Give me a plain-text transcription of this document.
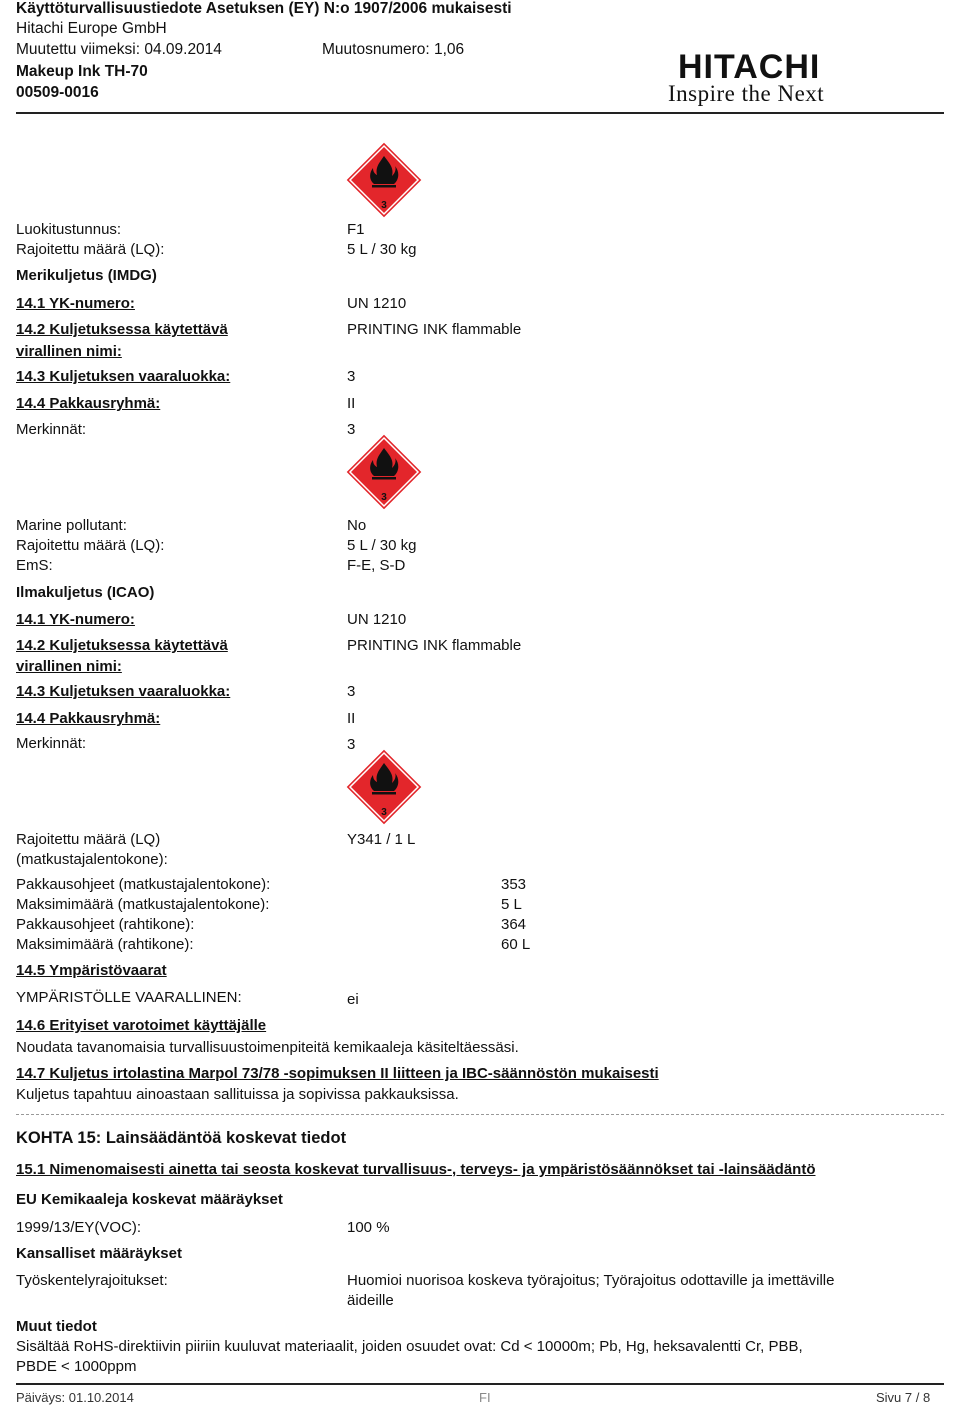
Käyttöturvallisuustiedote Asetuksen (EY) N:o 1907/2006 mukaisesti
Hitachi Europe GmbH
Muutettu viimeksi: 04.09.2014	Muutosnumero: 1,06
Makeup Ink TH-70
00509-0016
HITACHI
Inspire the Next
3
Luokitustunnus:	F1
Rajoitettu määrä (LQ):	5 L / 30 kg
Merikuljetus (IMDG)
14.1 YK-numero:	UN 1210
14.2 Kuljetuksessa käytettävä
virallinen nimi:
PRINTING INK flammable
14.3 Kuljetuksen vaaraluokka:	3
14.4 Pakkausryhmä:	II
Merkinnät:	3
3
Marine pollutant:	No
Rajoitettu määrä (LQ):	5 L / 30 kg
EmS:	F-E, S-D
Ilmakuljetus (ICAO)
14.1 YK-numero:	UN 1210
14.2 Kuljetuksessa käytettävä
virallinen nimi:
PRINTING INK flammable
14.3 Kuljetuksen vaaraluokka:	3
14.4 Pakkausryhmä:	II
Merkinnät:	3
3
Rajoitettu määrä (LQ)
(matkustajalentokone):
Y341 / 1 L
Pakkausohjeet (matkustajalentokone):	353
Maksimimäärä (matkustajalentokone):	5 L
Pakkausohjeet (rahtikone):	364
Maksimimäärä (rahtikone):	60 L
14.5 Ympäristövaarat
YMPÄRISTÖLLE VAARALLINEN:	ei
14.6 Erityiset varotoimet käyttäjälle
Noudata tavanomaisia turvallisuustoimenpiteitä kemikaaleja käsiteltäessäsi.
14.7 Kuljetus irtolastina Marpol 73/78 -sopimuksen II liitteen ja IBC-säännöstön mukaisesti
Kuljetus tapahtuu ainoastaan sallituissa ja sopivissa pakkauksissa.
KOHTA 15: Lainsäädäntöä koskevat tiedot
15.1 Nimenomaisesti ainetta tai seosta koskevat turvallisuus-, terveys- ja ympäristösäännökset tai -lainsäädäntö
EU Kemikaaleja koskevat määräykset
1999/13/EY(VOC):	100 %
Kansalliset määräykset
Työskentelyrajoitukset:	Huomioi nuorisoa koskeva työrajoitus; Työrajoitus odottaville ja imettäville
äideille
Muut tiedot
Sisältää RoHS-direktiivin piiriin kuuluvat materiaalit, joiden osuudet ovat: Cd < 10000m; Pb, Hg, heksavalentti Cr, PBB,
PBDE < 1000ppm
Päiväys: 01.10.2014	FI	Sivu 7 / 8
